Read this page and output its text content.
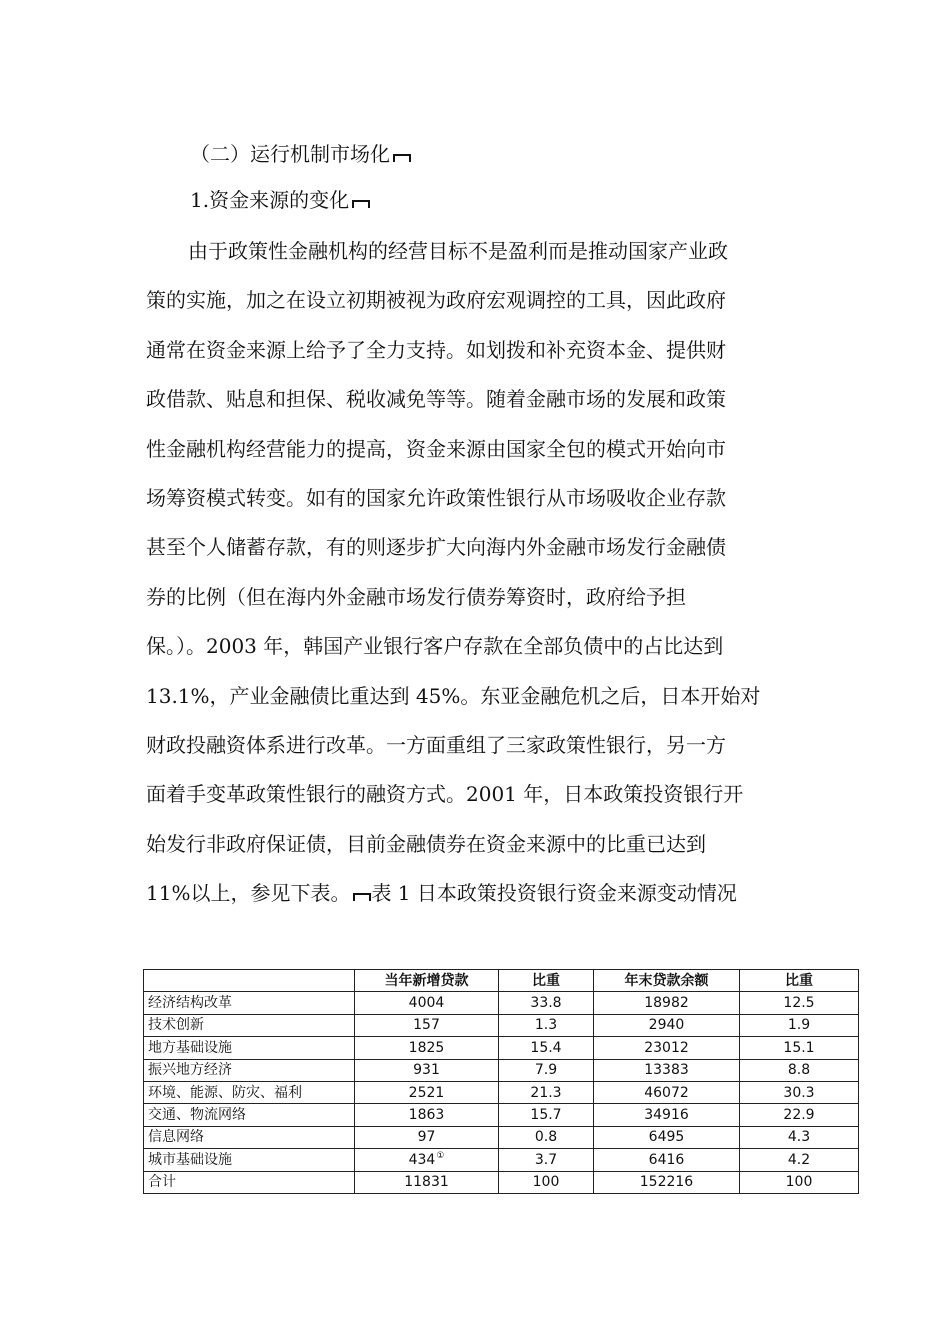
（二）运行机制市场化
1.资金来源的变化
由于政策性金融机构的经营目标不是盈利而是推动国家产业政
策的实施，加之在设立初期被视为政府宏观调控的工具，因此政府
通常在资金来源上给予了全力支持。如划拨和补充资本金、提供财
政借款、贴息和担保、税收减免等等。随着金融市场的发展和政策
性金融机构经营能力的提高，资金来源由国家全包的模式开始向市
场筹资模式转变。如有的国家允许政策性银行从市场吸收企业存款
甚至个人储蓄存款，有的则逐步扩大向海内外金融市场发行金融债
券的比例（但在海内外金融市场发行债券筹资时，政府给予担
保。）。2003 年，韩国产业银行客户存款在全部负债中的占比达到
13.1%，产业金融债比重达到 45%。东亚金融危机之后，日本开始对
财政投融资体系进行改革。一方面重组了三家政策性银行，另一方
面着手变革政策性银行的融资方式。2001 年，日本政策投资银行开
始发行非政府保证债，目前金融债券在资金来源中的比重已达到
11%以上，参见下表。 表 1 日本政策投资银行资金来源变动情况
	当年新增贷款	比重	年末贷款余额	比重
经济结构改革	4004	33.8	18982	12.5
技术创新	157	1.3	2940	1.9
地方基础设施	1825	15.4	23012	15.1
振兴地方经济	931	7.9	13383	8.8
环境、能源、防灾、福利	2521	21.3	46072	30.3
交通、物流网络	1863	15.7	34916	22.9
信息网络	97	0.8	6495	4.3
城市基础设施	434①	3.7	6416	4.2
合计	11831	100	152216	100
